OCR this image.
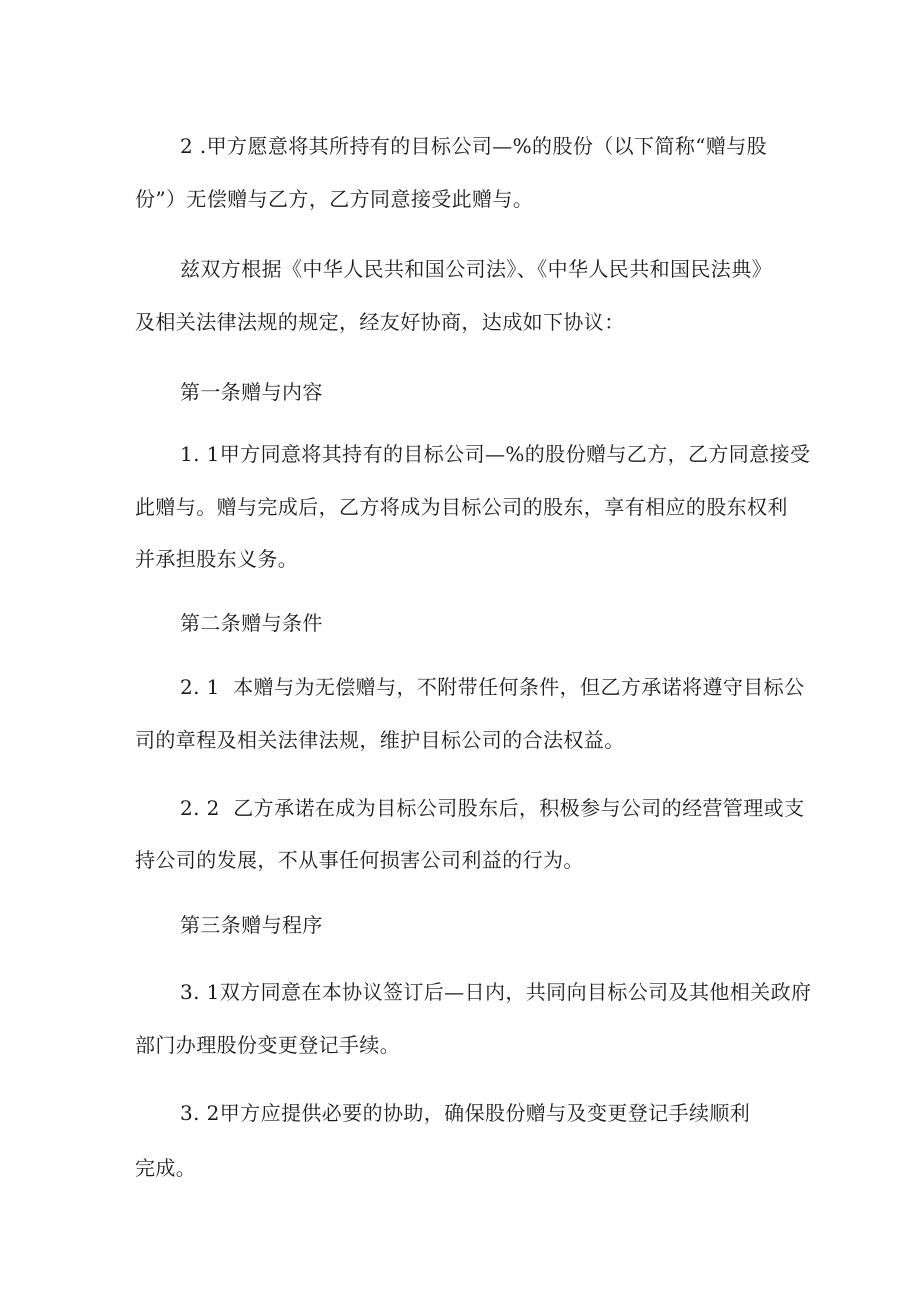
2 .甲方愿意将其所持有的目标公司—%的股份（以下简称“赠与股
份”）无偿赠与乙方，乙方同意接受此赠与。
兹双方根据《中华人民共和国公司法》、《中华人民共和国民法典》
及相关法律法规的规定，经友好协商，达成如下协议：
第一条赠与内容
1. 1甲方同意将其持有的目标公司—%的股份赠与乙方，乙方同意接受
此赠与。赠与完成后，乙方将成为目标公司的股东，享有相应的股东权利
并承担股东义务。
第二条赠与条件
2. 1  本赠与为无偿赠与，不附带任何条件，但乙方承诺将遵守目标公
司的章程及相关法律法规，维护目标公司的合法权益。
2. 2  乙方承诺在成为目标公司股东后，积极参与公司的经营管理或支
持公司的发展，不从事任何损害公司利益的行为。
第三条赠与程序
3. 1双方同意在本协议签订后—日内，共同向目标公司及其他相关政府
部门办理股份变更登记手续。
3. 2甲方应提供必要的协助，确保股份赠与及变更登记手续顺利
完成。
